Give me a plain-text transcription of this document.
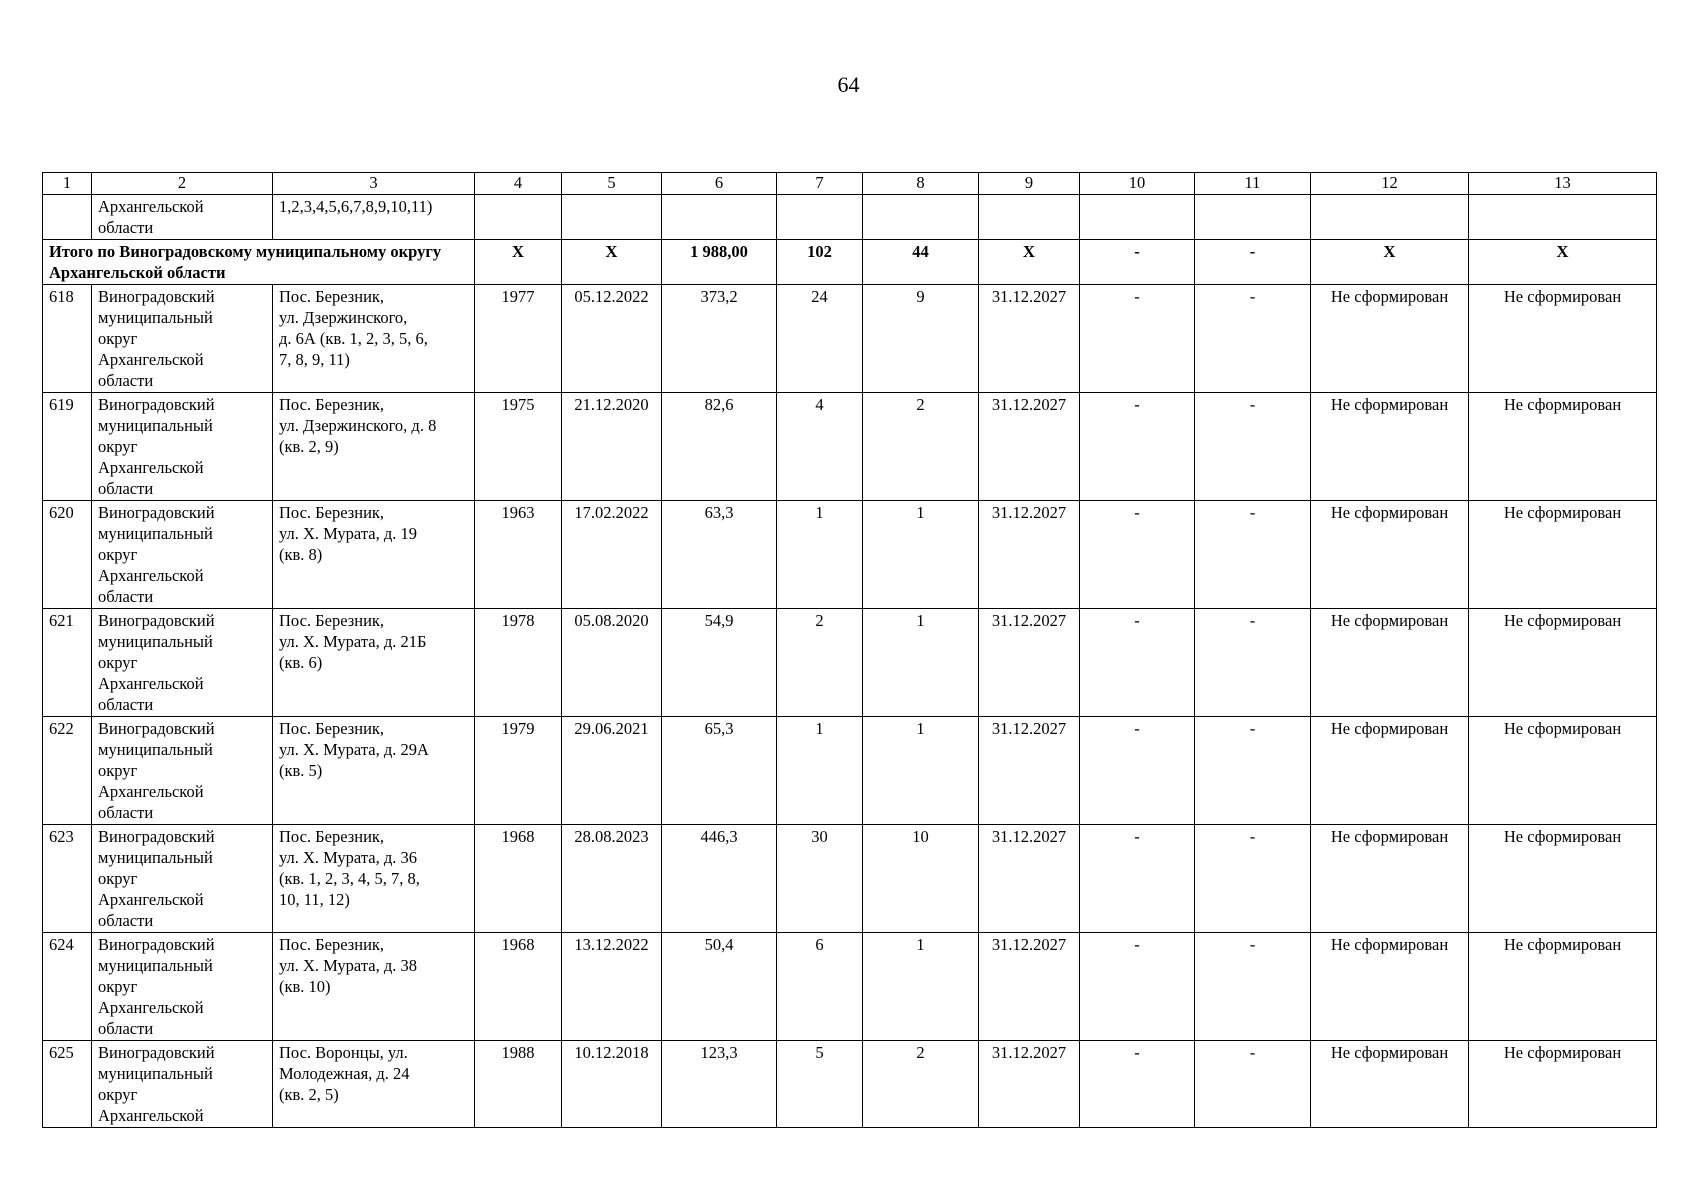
64
1	2	3	4	5	6	7	8	9	10	11	12	13
	Архангельской
области	1,2,3,4,5,6,7,8,9,10,11)										
Итого по Виноградовскому муниципальному округу Архангельской области			X	X	1 988,00	102	44	X	-	-	X	X
618	Виноградовский
муниципальный
округ
Архангельской
области	Пос. Березник,
ул. Дзержинского,
д. 6А (кв. 1, 2, 3, 5, 6,
7, 8, 9, 11)	1977	05.12.2022	373,2	24	9	31.12.2027	-	-	Не сформирован	Не сформирован
619	Виноградовский
муниципальный
округ
Архангельской
области	Пос. Березник,
ул. Дзержинского, д. 8
(кв. 2, 9)	1975	21.12.2020	82,6	4	2	31.12.2027	-	-	Не сформирован	Не сформирован
620	Виноградовский
муниципальный
округ
Архангельской
области	Пос. Березник,
ул. Х. Мурата, д. 19
(кв. 8)	1963	17.02.2022	63,3	1	1	31.12.2027	-	-	Не сформирован	Не сформирован
621	Виноградовский
муниципальный
округ
Архангельской
области	Пос. Березник,
ул. Х. Мурата, д. 21Б
(кв. 6)	1978	05.08.2020	54,9	2	1	31.12.2027	-	-	Не сформирован	Не сформирован
622	Виноградовский
муниципальный
округ
Архангельской
области	Пос. Березник,
ул. Х. Мурата, д. 29А
(кв. 5)	1979	29.06.2021	65,3	1	1	31.12.2027	-	-	Не сформирован	Не сформирован
623	Виноградовский
муниципальный
округ
Архангельской
области	Пос. Березник,
ул. Х. Мурата, д. 36
(кв. 1, 2, 3, 4, 5, 7, 8,
10, 11, 12)	1968	28.08.2023	446,3	30	10	31.12.2027	-	-	Не сформирован	Не сформирован
624	Виноградовский
муниципальный
округ
Архангельской
области	Пос. Березник,
ул. Х. Мурата, д. 38
(кв. 10)	1968	13.12.2022	50,4	6	1	31.12.2027	-	-	Не сформирован	Не сформирован
625	Виноградовский
муниципальный
округ
Архангельской	Пос. Воронцы, ул.
Молодежная, д. 24
(кв. 2, 5)	1988	10.12.2018	123,3	5	2	31.12.2027	-	-	Не сформирован	Не сформирован
